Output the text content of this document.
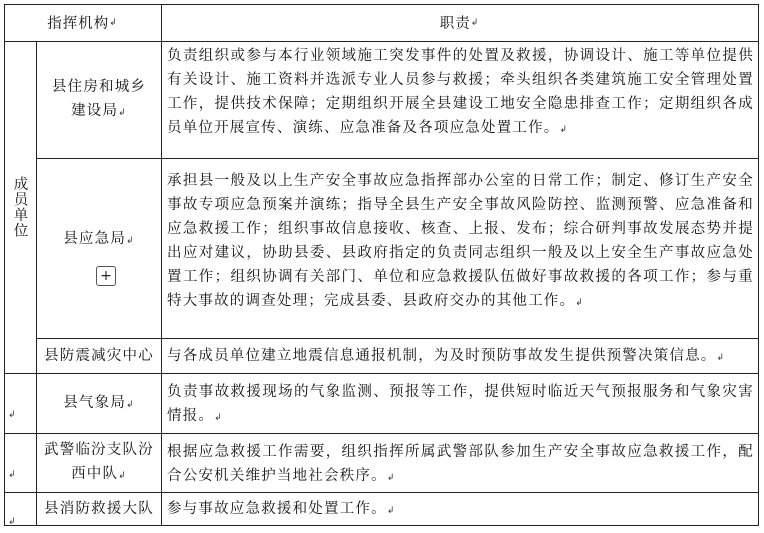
指挥机构 ↲	职责 ↲
成员单位
↲
↲
↲
县住房和城乡建设局↲
负责组织或参与本行业领域施工突发事件的处置及救援，协调设计、施工等单位提供有关设计、施工资料并选派专业人员参与救援；牵头组织各类建筑施工安全管理处置工作，提供技术保障；定期组织开展全县建设工地安全隐患排查工作；定期组织各成员单位开展宣传、演练、应急准备及各项应急处置工作。↲
县应急局↲
承担县一般及以上生产安全事故应急指挥部办公室的日常工作；制定、修订生产安全事故专项应急预案并演练；指导全县生产安全事故风险防控、监测预警、应急准备和应急救援工作；组织事故信息接收、核查、上报、发布；综合研判事故发展态势并提出应对建议，协助县委、县政府指定的负责同志组织一般及以上安全生产事故应急处置工作；组织协调有关部门、单位和应急救援队伍做好事故救援的各项工作；参与重特大事故的调查处理；完成县委、县政府交办的其他工作。↲
县防震减灾中心 与各成员单位建立地震信息通报机制，为及时预防事故发生提供预警决策信息。↲
县气象局↲
负责事故救援现场的气象监测、预报等工作，提供短时临近天气预报服务和气象灾害情报。↲
武警临汾支队汾西中队↲
根据应急救援工作需要，组织指挥所属武警部队参加生产安全事故应急救援工作，配合公安机关维护当地社会秩序。↲
县消防救援大队 参与事故应急救援和处置工作。↲
+
